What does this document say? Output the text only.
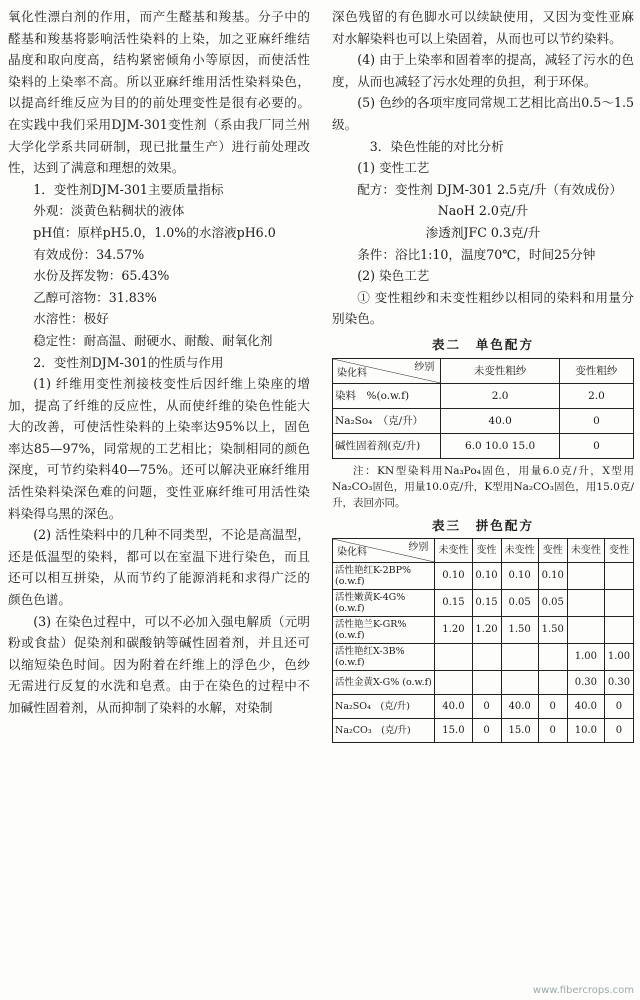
氧化性漂白剂的作用，而产生醛基和羧基。分子中的醛基和羧基将影响活性染料的上染，加之亚麻纤维结晶度和取向度高，结构紧密倾角小等原因，而使活性染料的上染率不高。所以亚麻纤维用活性染料染色，以提高纤维反应为目的的前处理变性是很有必要的。在实践中我们采用DJM-301变性剂（系由我厂同兰州大学化学系共同研制，现已批量生产）进行前处理改性，达到了满意和理想的效果。

1．变性剂DJM-301主要质量指标

外观：淡黄色粘稠状的液体

pH值：原样pH5.0，1.0%的水溶液pH6.0

有效成份：34.57%

水份及挥发物：65.43%

乙醇可溶物：31.83%

水溶性：极好

稳定性：耐高温、耐硬水、耐酸、耐氧化剂

2．变性剂DJM-301的性质与作用

(1) 纤维用变性剂接枝变性后因纤维上染座的增加，提高了纤维的反应性，从而使纤维的染色性能大大的改善，可使活性染料的上染率达95%以上，固色率达85—97%，同常规的工艺相比；染制相同的颜色深度，可节约染料40—75%。还可以解决亚麻纤维用活性染料染深色难的问题，变性亚麻纤维可用活性染料染得乌黑的深色。

(2) 活性染料中的几种不同类型，不论是高温型，还是低温型的染料，都可以在室温下进行染色，而且还可以相互拼染，从而节约了能源消耗和求得广泛的颜色色谱。

(3) 在染色过程中，可以不必加入强电解质（元明粉或食盐）促染剂和碳酸钠等碱性固着剂，并且还可以缩短染色时间。因为附着在纤维上的浮色少，色纱无需进行反复的水洗和皂煮。由于在染色的过程中不加碱性固着剂，从而抑制了染料的水解，对染制

深色残留的有色脚水可以续缺使用，又因为变性亚麻对水解染料也可以上染固着，从而也可以节约染料。

(4) 由于上染率和固着率的提高，减轻了污水的色度，从而也减轻了污水处理的负担，利于环保。

(5) 色纱的各项牢度同常规工艺相比高出0.5～1.5级。

3．染色性能的对比分析

(1) 变性工艺

配方：变性剂 DJM-301 2.5克/升（有效成份）

NaoH 2.0克/升

渗透剂JFC 0.3克/升

条件：浴比1:10，温度70℃，时间25分钟

(2) 染色工艺

① 变性粗纱和未变性粗纱以相同的染料和用量分别染色。

表二　单色配方
纱别
染化料	未变性粗纱	变性粗纱
染料　%(o.w.f)	2.0	2.0
Na₂So₄　（克/升）	40.0	0
碱性固着剂(克/升)	6.0 10.0 15.0	0

注：KN型染料用Na₃Po₄固色，用量6.0克/升，X型用Na₂CO₃固色，用量10.0克/升，K型用Na₂CO₃固色，用15.0克/升，表回亦同。

表三　拼色配方
纱别
染化料	未变性	变性	未变性	变性	未变性	变性
活性艳红K-2BP% (o.w.f)	0.10	0.10	0.10	0.10		
活性嫩黄K-4G% (o.w.f)	0.15	0.15	0.05	0.05		
活性艳兰K-GR% (o.w.f)	1.20	1.20	1.50	1.50		
活性艳红X-3B% (o.w.f)					1.00	1.00
活性金黄X-G% (o.w.f)					0.30	0.30
Na₂SO₄　(克/升)	40.0	0	40.0	0	40.0	0
Na₂CO₃　(克/升)	15.0	0	15.0	0	10.0	0
www.fibercrops.com
